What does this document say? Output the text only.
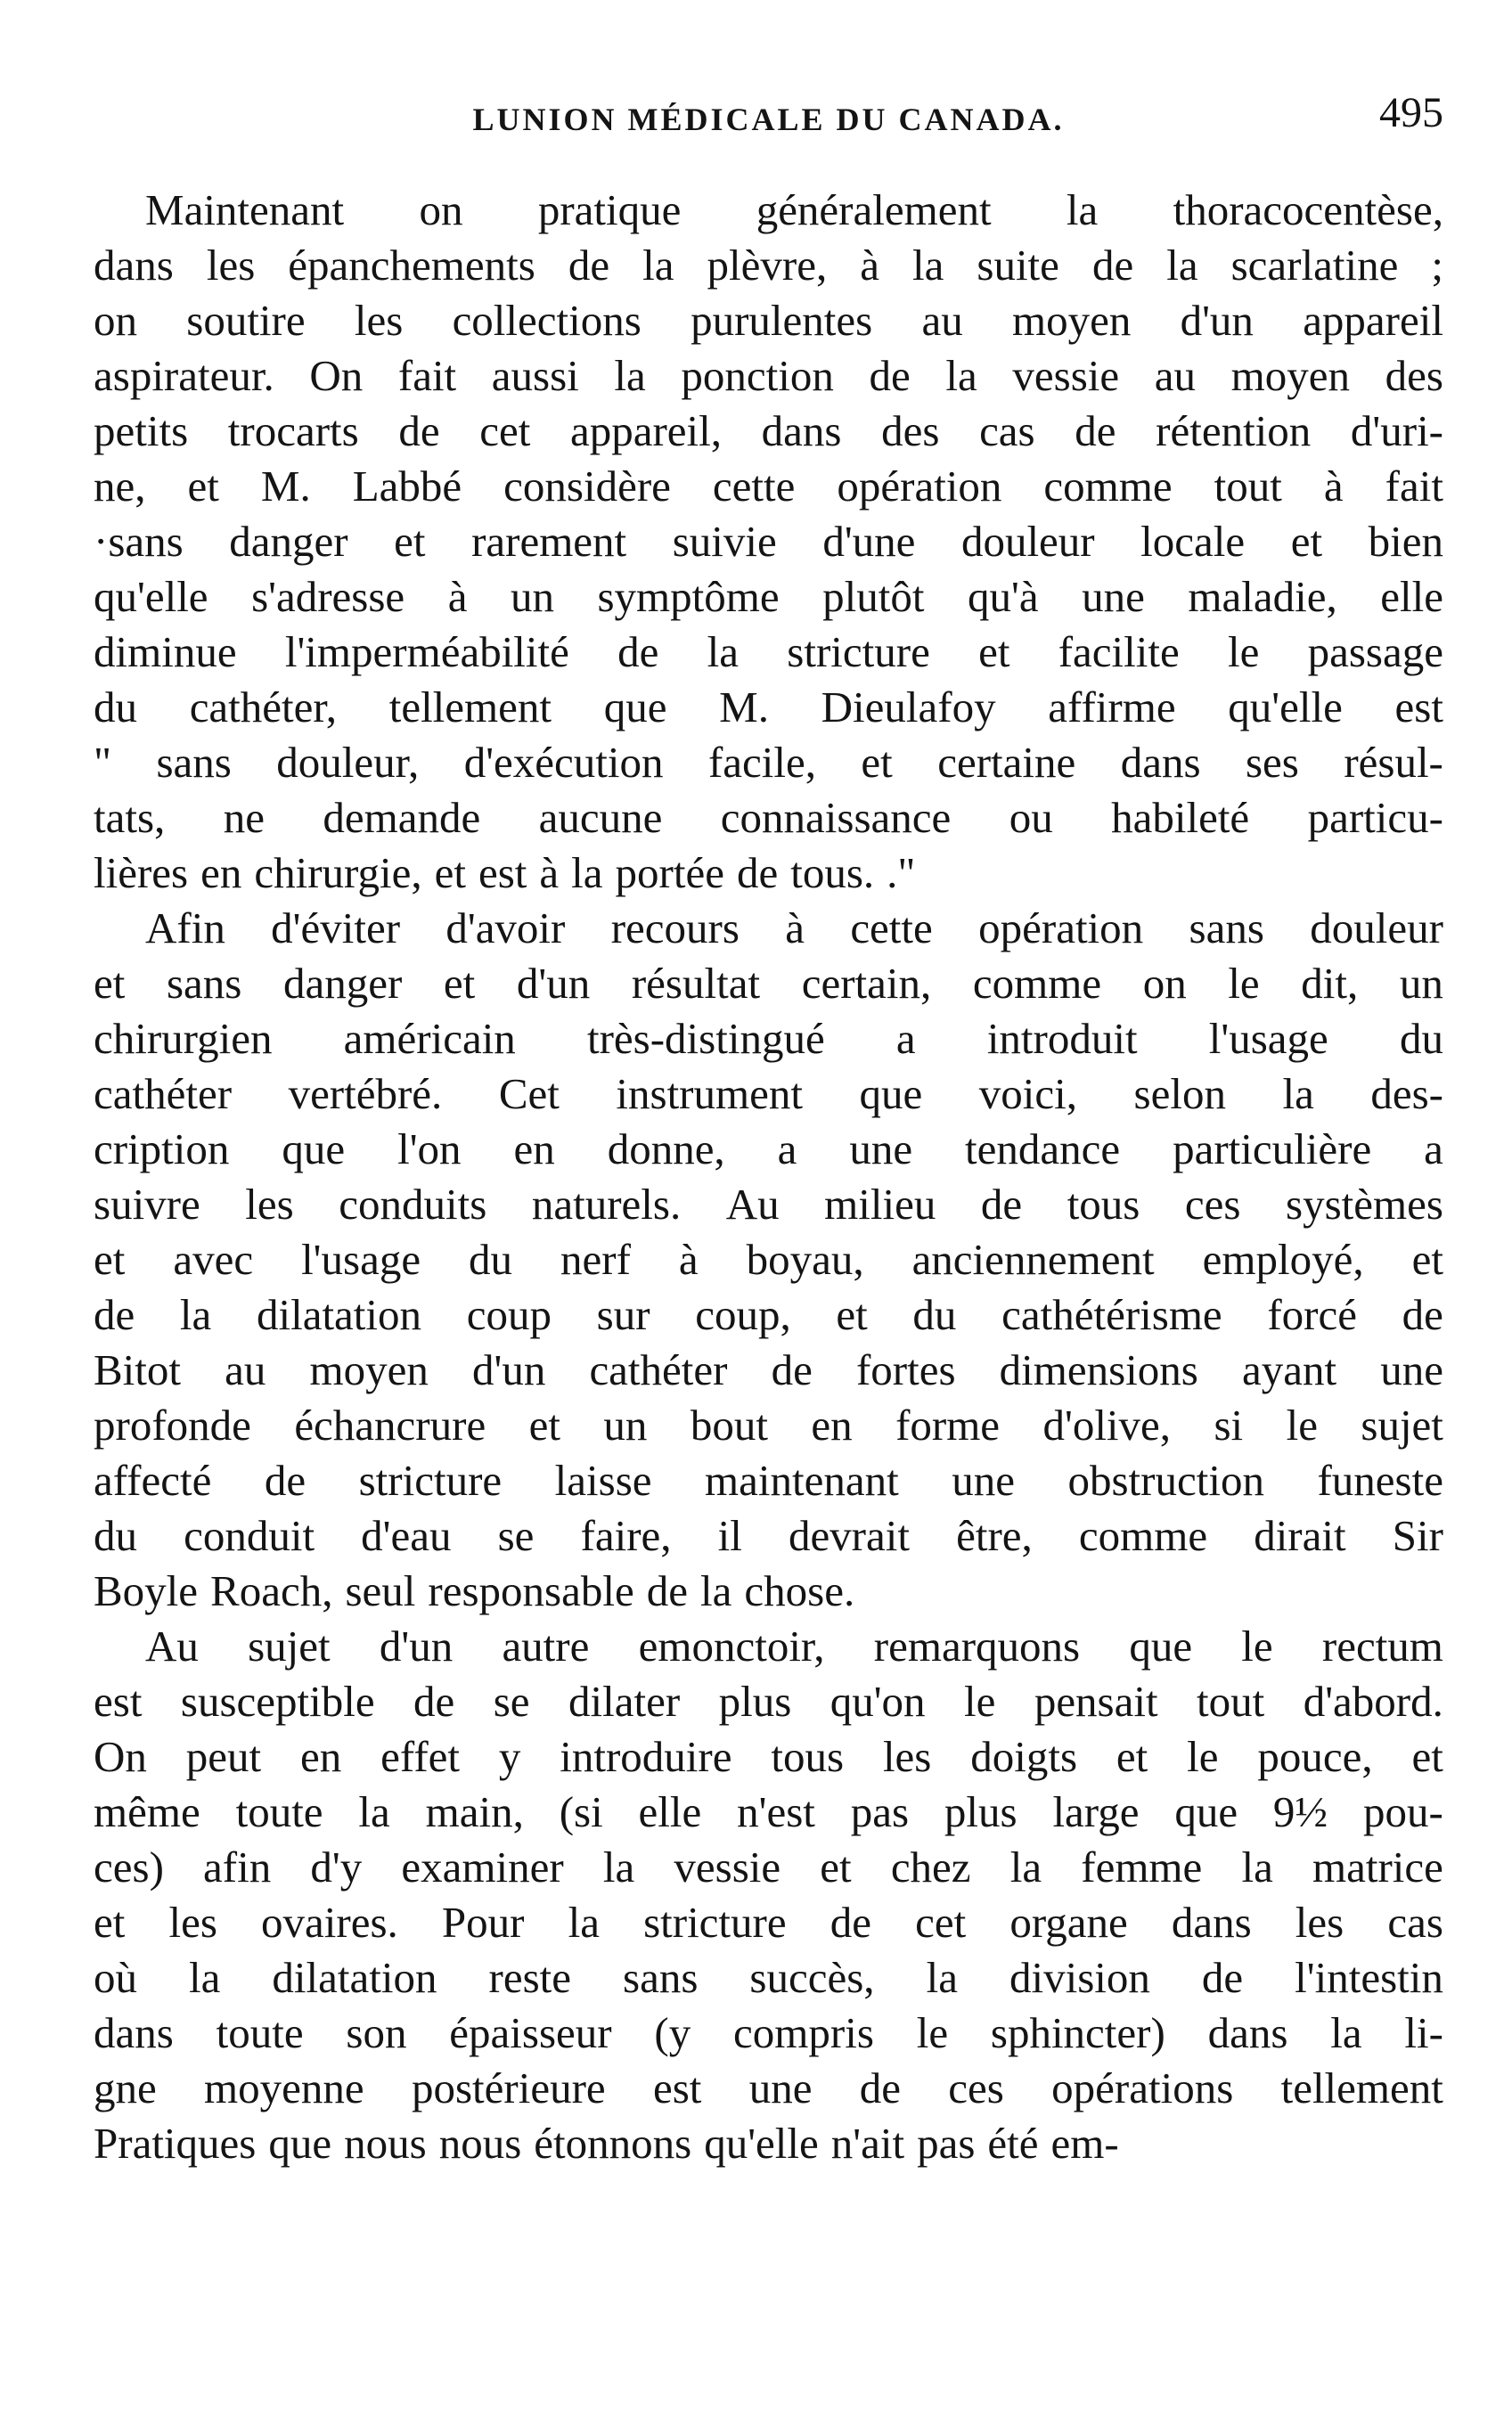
LUNION MÉDICALE DU CANADA.	495
Maintenant on pratique généralement la thoracocentèse,
dans les épanchements de la plèvre, à la suite de la scarlatine ;
on soutire les collections purulentes au moyen d'un appareil
aspirateur. On fait aussi la ponction de la vessie au moyen des
petits trocarts de cet appareil, dans des cas de rétention d'uri-
ne, et M. Labbé considère cette opération comme tout à fait
·sans danger et rarement suivie d'une douleur locale et bien
qu'elle s'adresse à un symptôme plutôt qu'à une maladie, elle
diminue l'imperméabilité de la stricture et facilite le passage
du cathéter, tellement que M. Dieulafoy affirme qu'elle est
" sans douleur, d'exécution facile, et certaine dans ses résul-
tats, ne demande aucune connaissance ou habileté particu-
lières en chirurgie, et est à la portée de tous. ."
Afin d'éviter d'avoir recours à cette opération sans douleur
et sans danger et d'un résultat certain, comme on le dit, un
chirurgien américain très-distingué a introduit l'usage du
cathéter vertébré. Cet instrument que voici, selon la des-
cription que l'on en donne, a une tendance particulière a
suivre les conduits naturels. Au milieu de tous ces systèmes
et avec l'usage du nerf à boyau, anciennement employé, et
de la dilatation coup sur coup, et du cathétérisme forcé de
Bitot au moyen d'un cathéter de fortes dimensions ayant une
profonde échancrure et un bout en forme d'olive, si le sujet
affecté de stricture laisse maintenant une obstruction funeste
du conduit d'eau se faire, il devrait être, comme dirait Sir
Boyle Roach, seul responsable de la chose.
Au sujet d'un autre emonctoir, remarquons que le rectum
est susceptible de se dilater plus qu'on le pensait tout d'abord.
On peut en effet y introduire tous les doigts et le pouce, et
même toute la main, (si elle n'est pas plus large que 9½ pou-
ces) afin d'y examiner la vessie et chez la femme la matrice
et les ovaires. Pour la stricture de cet organe dans les cas
où la dilatation reste sans succès, la division de l'intestin
dans toute son épaisseur (y compris le sphincter) dans la li-
gne moyenne postérieure est une de ces opérations tellement
Pratiques que nous nous étonnons qu'elle n'ait pas été em-
